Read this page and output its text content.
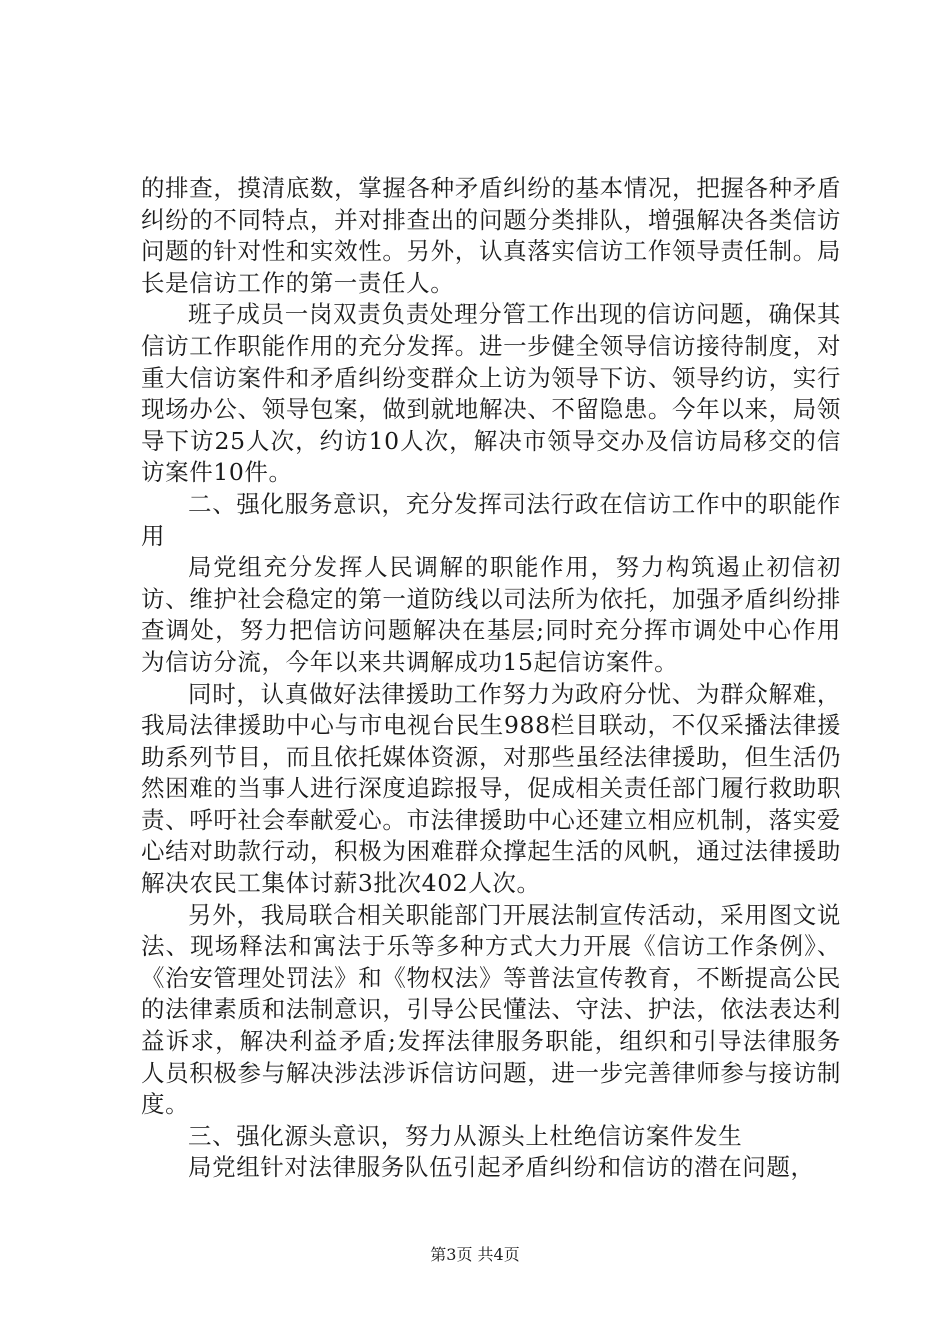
的排查，摸清底数，掌握各种矛盾纠纷的基本情况，把握各种矛盾纠纷的不同特点，并对排查出的问题分类排队，增强解决各类信访问题的针对性和实效性。另外，认真落实信访工作领导责任制。局长是信访工作的第一责任人。

班子成员一岗双责负责处理分管工作出现的信访问题，确保其信访工作职能作用的充分发挥。进一步健全领导信访接待制度，对重大信访案件和矛盾纠纷变群众上访为领导下访、领导约访，实行现场办公、领导包案，做到就地解决、不留隐患。今年以来，局领导下访25人次，约访10人次，解决市领导交办及信访局移交的信访案件10件。

二、强化服务意识，充分发挥司法行政在信访工作中的职能作用

局党组充分发挥人民调解的职能作用，努力构筑遏止初信初访、维护社会稳定的第一道防线以司法所为依托，加强矛盾纠纷排查调处，努力把信访问题解决在基层;同时充分挥市调处中心作用为信访分流，今年以来共调解成功15起信访案件。

同时，认真做好法律援助工作努力为政府分忧、为群众解难，我局法律援助中心与市电视台民生988栏目联动，不仅采播法律援助系列节目，而且依托媒体资源，对那些虽经法律援助，但生活仍然困难的当事人进行深度追踪报导，促成相关责任部门履行救助职责、呼吁社会奉献爱心。市法律援助中心还建立相应机制，落实爱心结对助款行动，积极为困难群众撑起生活的风帆，通过法律援助解决农民工集体讨薪3批次402人次。

另外，我局联合相关职能部门开展法制宣传活动，采用图文说法、现场释法和寓法于乐等多种方式大力开展《信访工作条例》、《治安管理处罚法》和《物权法》等普法宣传教育，不断提高公民的法律素质和法制意识，引导公民懂法、守法、护法，依法表达利益诉求，解决利益矛盾;发挥法律服务职能，组织和引导法律服务人员积极参与解决涉法涉诉信访问题，进一步完善律师参与接访制度。

三、强化源头意识，努力从源头上杜绝信访案件发生

局党组针对法律服务队伍引起矛盾纠纷和信访的潜在问题，

第3页 共4页
